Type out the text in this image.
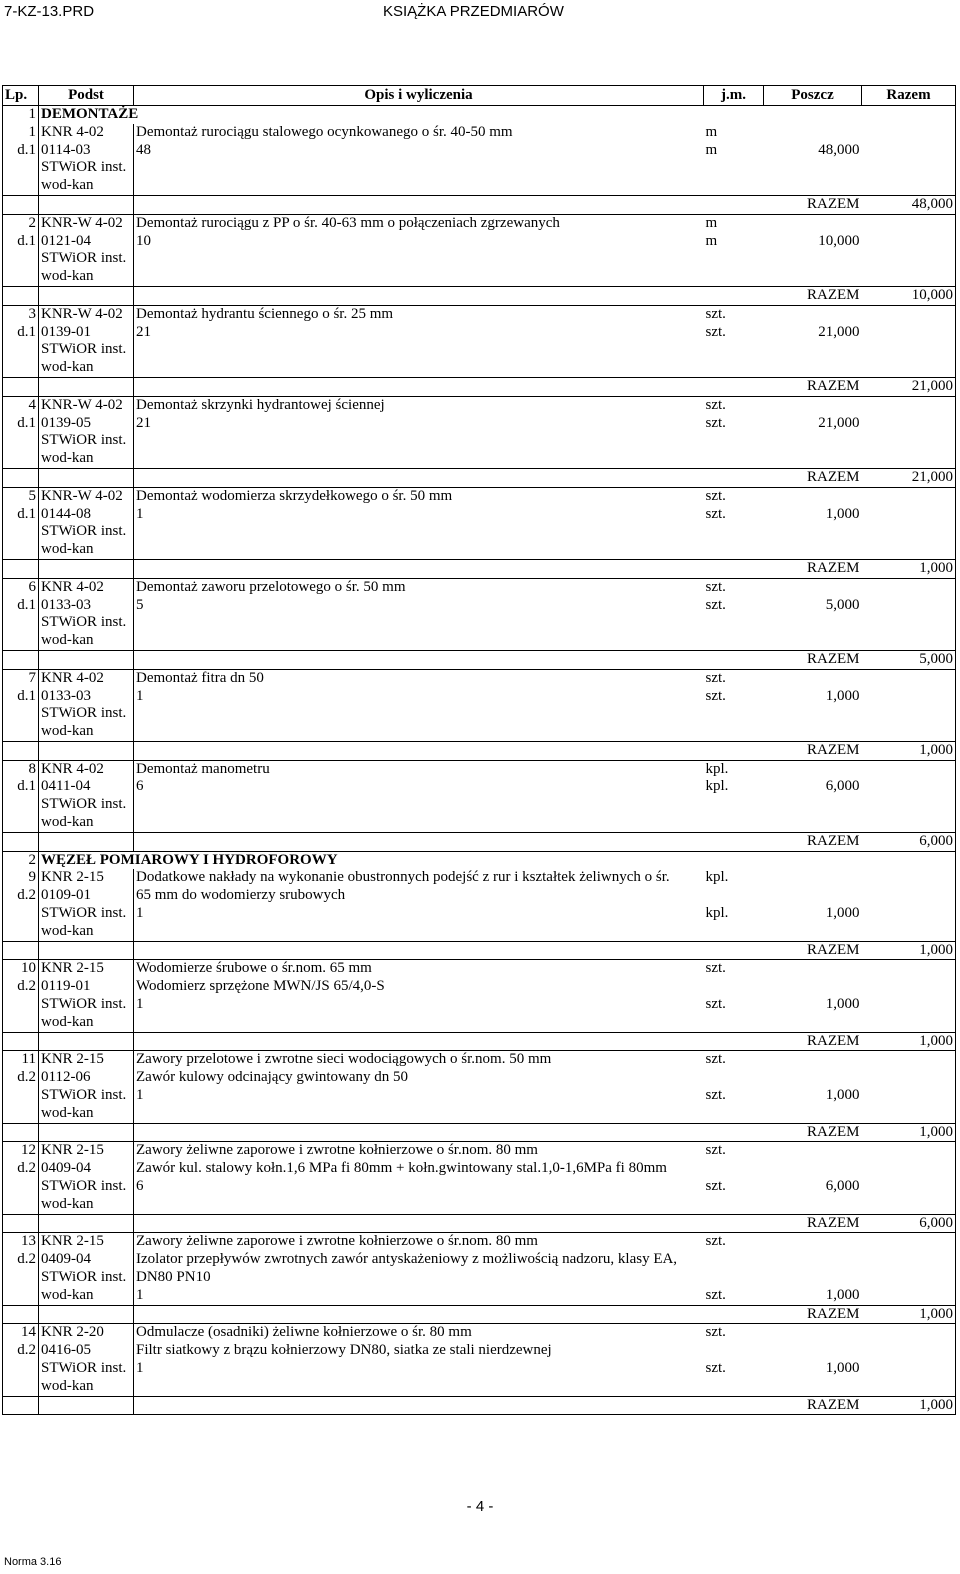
7-KZ-13.PRD	KSIĄŻKA PRZEDMIARÓW
Lp.	Podst	Opis i wyliczenia	j.m.	Poszcz	Razem
1	DEMONTAŻE				
1	KNR 4-02	Demontaż rurociągu stalowego ocynkowanego o śr. 40-50 mm	m		
d.1	0114-03	48	m	48,000	
	STWiOR inst.				
	wod-kan				
				RAZEM	48,000
2	KNR-W 4-02	Demontaż rurociągu z PP o śr. 40-63 mm o połączeniach zgrzewanych	m		
d.1	0121-04	10	m	10,000	
	STWiOR inst.				
	wod-kan				
				RAZEM	10,000
3	KNR-W 4-02	Demontaż hydrantu ściennego o śr. 25 mm	szt.		
d.1	0139-01	21	szt.	21,000	
	STWiOR inst.				
	wod-kan				
				RAZEM	21,000
4	KNR-W 4-02	Demontaż skrzynki hydrantowej ściennej	szt.		
d.1	0139-05	21	szt.	21,000	
	STWiOR inst.				
	wod-kan				
				RAZEM	21,000
5	KNR-W 4-02	Demontaż wodomierza skrzydełkowego o śr. 50 mm	szt.		
d.1	0144-08	1	szt.	1,000	
	STWiOR inst.				
	wod-kan				
				RAZEM	1,000
6	KNR 4-02	Demontaż zaworu przelotowego o śr. 50 mm	szt.		
d.1	0133-03	5	szt.	5,000	
	STWiOR inst.				
	wod-kan				
				RAZEM	5,000
7	KNR 4-02	Demontaż fitra dn 50	szt.		
d.1	0133-03	1	szt.	1,000	
	STWiOR inst.				
	wod-kan				
				RAZEM	1,000
8	KNR 4-02	Demontaż manometru	kpl.		
d.1	0411-04	6	kpl.	6,000	
	STWiOR inst.				
	wod-kan				
				RAZEM	6,000
2	WĘZEŁ POMIAROWY I HYDROFOROWY				
9	KNR 2-15	Dodatkowe nakłady na wykonanie obustronnych podejść z rur i kształtek żeliwnych o śr.	kpl.		
d.2	0109-01	65 mm do wodomierzy srubowych			
	STWiOR inst.	1	kpl.	1,000	
	wod-kan				
				RAZEM	1,000
10	KNR 2-15	Wodomierze śrubowe o śr.nom. 65 mm	szt.		
d.2	0119-01	Wodomierz sprzężone MWN/JS 65/4,0-S			
	STWiOR inst.	1	szt.	1,000	
	wod-kan				
				RAZEM	1,000
11	KNR 2-15	Zawory przelotowe i zwrotne sieci wodociągowych o śr.nom. 50 mm	szt.		
d.2	0112-06	Zawór kulowy odcinający gwintowany dn 50			
	STWiOR inst.	1	szt.	1,000	
	wod-kan				
				RAZEM	1,000
12	KNR 2-15	Zawory żeliwne zaporowe i zwrotne kołnierzowe o śr.nom. 80 mm	szt.		
d.2	0409-04	Zawór kul. stalowy kołn.1,6 MPa fi 80mm + kołn.gwintowany stal.1,0-1,6MPa fi 80mm			
	STWiOR inst.	6	szt.	6,000	
	wod-kan				
				RAZEM	6,000
13	KNR 2-15	Zawory żeliwne zaporowe i zwrotne kołnierzowe o śr.nom. 80 mm	szt.		
d.2	0409-04	Izolator przepływów zwrotnych zawór antyskażeniowy z możliwością nadzoru, klasy EA,			
	STWiOR inst.	DN80 PN10			
	wod-kan	1	szt.	1,000	
				RAZEM	1,000
14	KNR 2-20	Odmulacze (osadniki) żeliwne kołnierzowe o śr. 80 mm	szt.		
d.2	0416-05	Filtr siatkowy z brązu kołnierzowy DN80, siatka ze stali nierdzewnej			
	STWiOR inst.	1	szt.	1,000	
	wod-kan				
				RAZEM	1,000
- 4 -
Norma 3.16
